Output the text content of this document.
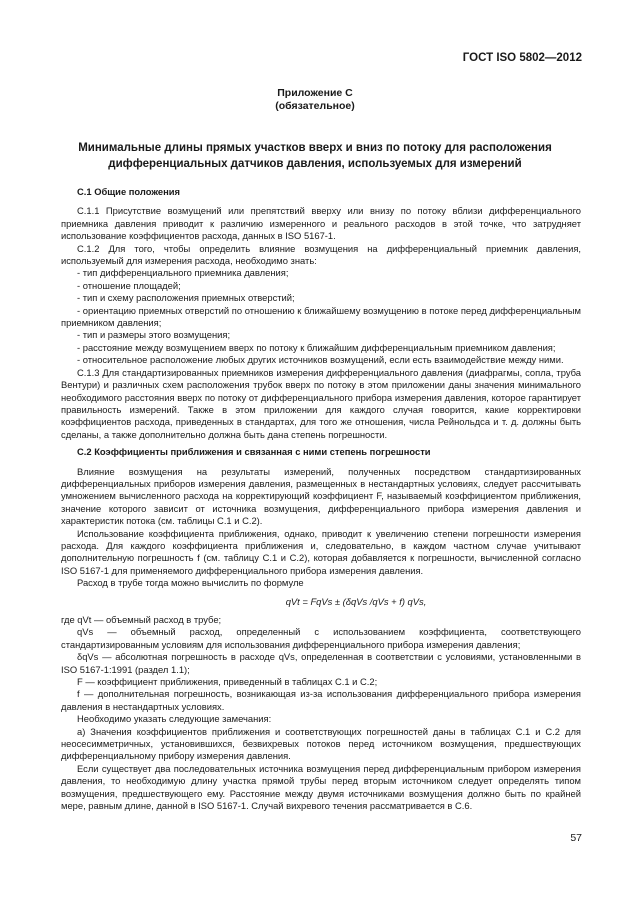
ГОСТ ISO 5802—2012
Приложение С
(обязательное)
Минимальные длины прямых участков вверх и вниз по потоку для расположения
дифференциальных датчиков давления, используемых для измерений

С.1 Общие положения

С.1.1 Присутствие возмущений или препятствий вверху или внизу по потоку вблизи дифференциального приемника давления приводит к различию измеренного и реального расходов в этой точке, что затрудняет использование коэффициентов расхода, данных в ISO 5167-1.

С.1.2 Для того, чтобы определить влияние возмущения на дифференциальный приемник давления, используемый для измерения расхода, необходимо знать:

- тип дифференциального приемника давления;

- отношение площадей;

- тип и схему расположения приемных отверстий;

- ориентацию приемных отверстий по отношению к ближайшему возмущению в потоке перед дифференциальным приемником давления;

- тип и размеры этого возмущения;

- расстояние между возмущением вверх по потоку к ближайшим дифференциальным приемником давления;

- относительное расположение любых других источников возмущений, если есть взаимодействие между ними.

С.1.3 Для стандартизированных приемников измерения дифференциального давления (диафрагмы, сопла, труба Вентури) и различных схем расположения трубок вверх по потоку в этом приложении даны значения минимального необходимого расстояния вверх по потоку от дифференциального прибора измерения давления, которое гарантирует правильность измерений. Также в этом приложении для каждого случая говорится, какие корректировки коэффициентов расхода, приведенных в стандартах, для того же отношения, числа Рейнольдса и т. д. должны быть сделаны, а также дополнительно должна быть дана степень погрешности.

С.2 Коэффициенты приближения и связанная с ними степень погрешности

Влияние возмущения на результаты измерений, полученных посредством стандартизированных дифференциальных приборов измерения давления, размещенных в нестандартных условиях, следует рассчитывать умножением вычисленного расхода на корректирующий коэффициент F, называемый коэффициентом приближения, значение которого зависит от источника возмущения, дифференциального прибора измерения давления и характеристик потока (см. таблицы С.1 и С.2).

Использование коэффициента приближения, однако, приводит к увеличению степени погрешности измерения расхода. Для каждого коэффициента приближения и, следовательно, в каждом частном случае учитывают дополнительную погрешность f (см. таблицу С.1 и С.2), которая добавляется к погрешности, вычисленной согласно ISO 5167-1 для применяемого дифференциального прибора измерения давления.

Расход в трубе тогда можно вычислить по формуле

qVt = FqVs ± (δqVs /qVs + f) qVs,

где qVt — объемный расход в трубе;

qVs — объемный расход, определенный с использованием коэффициента, соответствующего стандартизированным условиям для использования дифференциального прибора измерения давления;

δqVs — абсолютная погрешность в расходе qVs, определенная в соответствии с условиями, установленными в ISO 5167-1:1991 (раздел 1.1);

F — коэффициент приближения, приведенный в таблицах С.1 и С.2;

f — дополнительная погрешность, возникающая из-за использования дифференциального прибора измерения давления в нестандартных условиях.

Необходимо указать следующие замечания:

а) Значения коэффициентов приближения и соответствующих погрешностей даны в таблицах С.1 и С.2 для неосесимметричных, установившихся, безвихревых потоков перед источником возмущения, предшествующих дифференциальному прибору измерения давления.

Если существует два последовательных источника возмущения перед дифференциальным прибором измерения давления, то необходимую длину участка прямой трубы перед вторым источником следует определять типом возмущения, предшествующего ему. Расстояние между двумя источниками возмущения должно быть по крайней мере, равным длине, данной в ISO 5167-1. Случай вихревого течения рассматривается в С.6.

57
